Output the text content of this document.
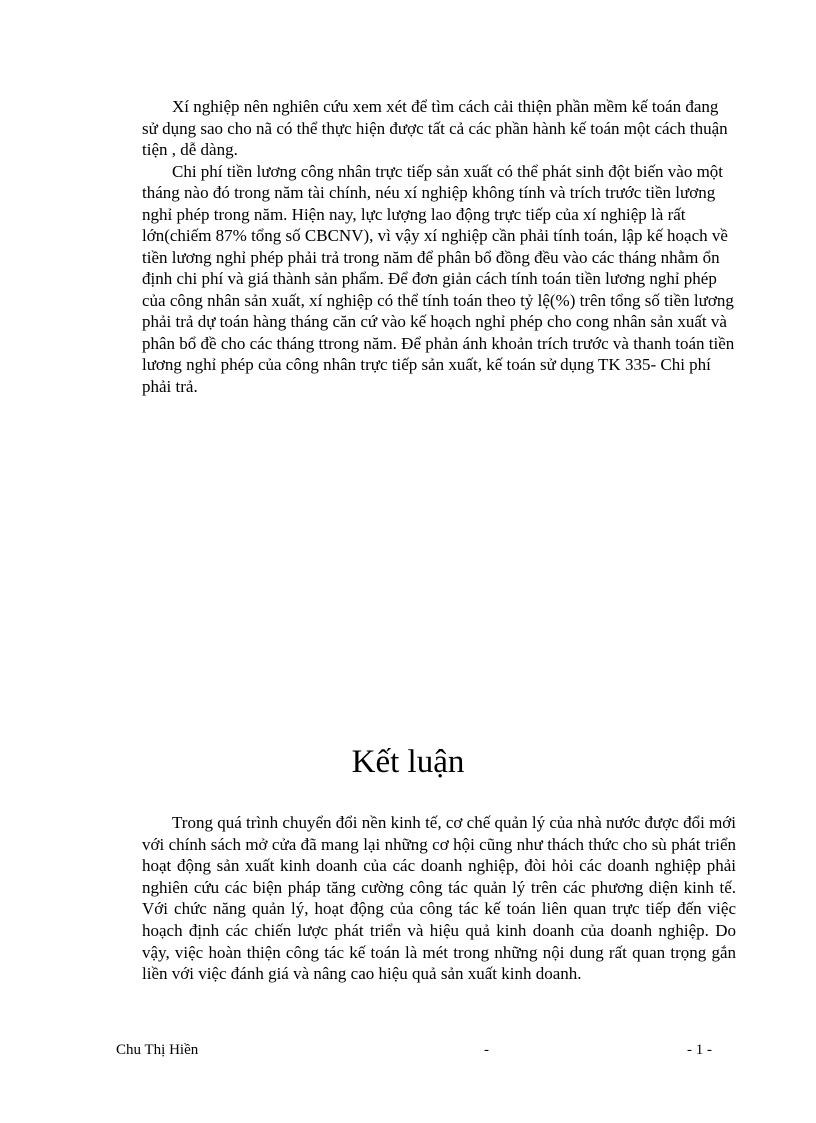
Xí nghiệp nên nghiên cứu xem xét để tìm cách cải thiện phần mềm kế toán đang sử dụng sao cho nã có thể thực hiện được tất cả các phần hành kế toán một cách thuận tiện , dễ dàng.

Chi phí tiền lương công nhân trực tiếp sản xuất có thể phát sinh đột biến vào một tháng nào đó trong năm tài chính, néu xí nghiệp không tính và trích trước tiền lương nghỉ phép trong năm. Hiện nay, lực lượng lao động trực tiếp của xí nghiệp là rất lớn(chiếm 87% tổng số CBCNV), vì vậy xí nghiệp cần phải tính toán, lập kế hoạch về tiền lương nghỉ phép phải trả trong năm để phân bổ đồng đều vào các tháng nhằm ổn định chi phí và giá thành sản phẩm. Để đơn giản cách tính toán tiền lương nghỉ phép của công nhân sản xuất, xí nghiệp có thể tính toán theo tỷ lệ(%) trên tổng số tiền lương phải trả dự toán hàng tháng căn cứ vào kế hoạch nghỉ phép cho cong nhân sản xuất và phân bổ đề cho các tháng ttrong năm. Để phản ánh khoản trích trước và thanh toán tiền lương nghỉ phép của công nhân trực tiếp sản xuất, kế toán sử dụng TK 335- Chi phí phải trả.

Kết luận

Trong quá trình chuyển đổi nền kinh tế, cơ chế quản lý của nhà nước được đổi mới với chính sách mở cửa đã mang lại những cơ hội cũng như thách thức cho sù phát triển hoạt động sản xuất kinh doanh của các doanh nghiệp, đòi hỏi các doanh nghiệp phải nghiên cứu các biện pháp tăng cường công tác quản lý trên các phương diện kinh tế. Với chức năng quản lý, hoạt động của công tác kế toán liên quan trực tiếp đến việc hoạch định các chiến lược phát triển và hiệu quả kinh doanh của doanh nghiệp. Do vậy, việc hoàn thiện công tác kế toán là mét trong những nội dung rất quan trọng gắn liền với việc đánh giá và nâng cao hiệu quả sản xuất kinh doanh.

Chu Thị Hiền	-	- 1 -
